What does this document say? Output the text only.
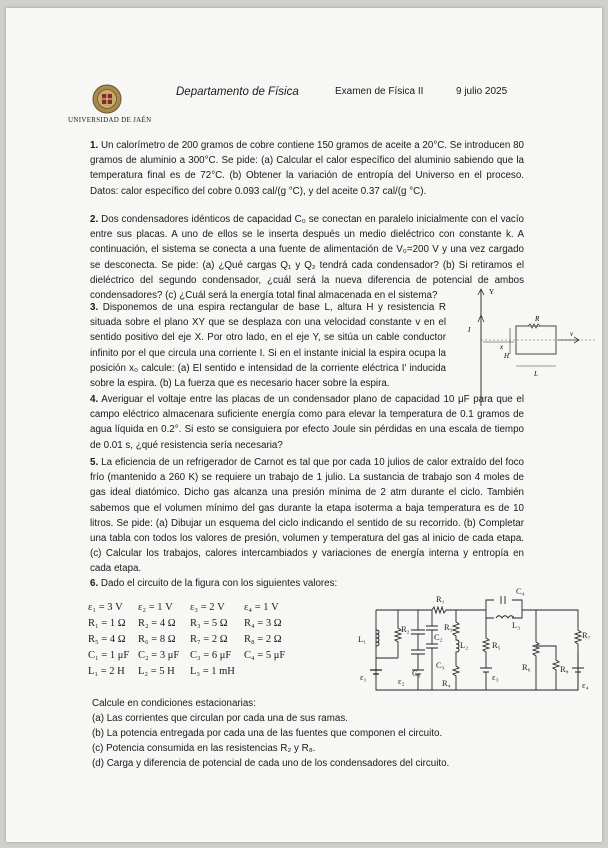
UNIVERSIDAD DE JAÉN
Departamento de Física	Examen de Física II	9 julio 2025
1. Un calorímetro de 200 gramos de cobre contiene 150 gramos de aceite a 20°C. Se introducen 80 gramos de aluminio a 300°C. Se pide: (a) Calcular el calor específico del aluminio sabiendo que la temperatura final es de 72°C. (b) Obtener la variación de entropía del Universo en el proceso. Datos: calor específico del cobre 0.093 cal/(g °C), y del aceite 0.37 cal/(g °C).
2. Dos condensadores idénticos de capacidad C₀ se conectan en paralelo inicialmente con el vacío entre sus placas. A uno de ellos se le inserta después un medio dieléctrico con constante k. A continuación, el sistema se conecta a una fuente de alimentación de V₀=200 V y una vez cargado se desconecta. Se pide: (a) ¿Qué cargas Q₁ y Q₂ tendrá cada condensador? (b) Si retiramos el dieléctrico del segundo condensador, ¿cuál será la nueva diferencia de potencial de ambos condensadores? (c) ¿Cuál será la energía total final almacenada en el sistema?
3. Disponemos de una espira rectangular de base L, altura H y resistencia R situada sobre el plano XY que se desplaza con una velocidad constante v en el sentido positivo del eje X. Por otro lado, en el eje Y, se sitúa un cable conductor infinito por el que circula una corriente I. Si en el instante inicial la espira ocupa la posición x₀ calcule: (a) El sentido e intensidad de la corriente eléctrica I' inducida sobre la espira. (b) La fuerza que es necesario hacer sobre la espira.
Y
I
R
v
x
H
L
4. Averiguar el voltaje entre las placas de un condensador plano de capacidad 10 μF para que el campo eléctrico almacenara suficiente energía como para elevar la temperatura de 0.1 gramos de agua líquida en 0.2°. Si esto se consiguiera por efecto Joule sin pérdidas en una escala de tiempo de 0.01 s, ¿qué resistencia sería necesaria?
5. La eficiencia de un refrigerador de Carnot es tal que por cada 10 julios de calor extraído del foco frío (mantenido a 260 K) se requiere un trabajo de 1 julio. La sustancia de trabajo son 4 moles de gas ideal diatómico. Dicho gas alcanza una presión mínima de 2 atm durante el ciclo. También sabemos que el volumen mínimo del gas durante la etapa isoterma a baja temperatura es de 10 litros. Se pide: (a) Dibujar un esquema del ciclo indicando el sentido de su recorrido. (b) Completar una tabla con todos los valores de presión, volumen y temperatura del gas al inicio de cada etapa. (c) Calcular los trabajos, calores intercambiados y variaciones de energía interna y entropía en cada etapa.
6. Dado el circuito de la figura con los siguientes valores:
ε₁ = 3 V ε₂ = 1 V ε₃ = 2 V ε₄ = 1 V
R₁ = 1 Ω R₂ = 4 Ω R₃ = 5 Ω R₄ = 3 Ω
R₅ = 4 Ω R₆ = 8 Ω R₇ = 2 Ω R₈ = 2 Ω
C₁ = 1 μF C₂ = 3 μF C₃ = 6 μF C₄ = 5 μF
L₁ = 2 H L₂ = 5 H L₃ = 1 mH
R₁
R₂	R₃
R₄
R₅
R₆
R₇
R₈
C₁
C₂
C₃
C₄
L₁
L₂
L₃
ε₁	ε₂	ε₃
ε₄
Calcule en condiciones estacionarias:
(a) Las corrientes que circulan por cada una de sus ramas.
(b) La potencia entregada por cada una de las fuentes que componen el circuito.
(c) Potencia consumida en las resistencias R₂ y R₈.
(d) Carga y diferencia de potencial de cada uno de los condensadores del circuito.
